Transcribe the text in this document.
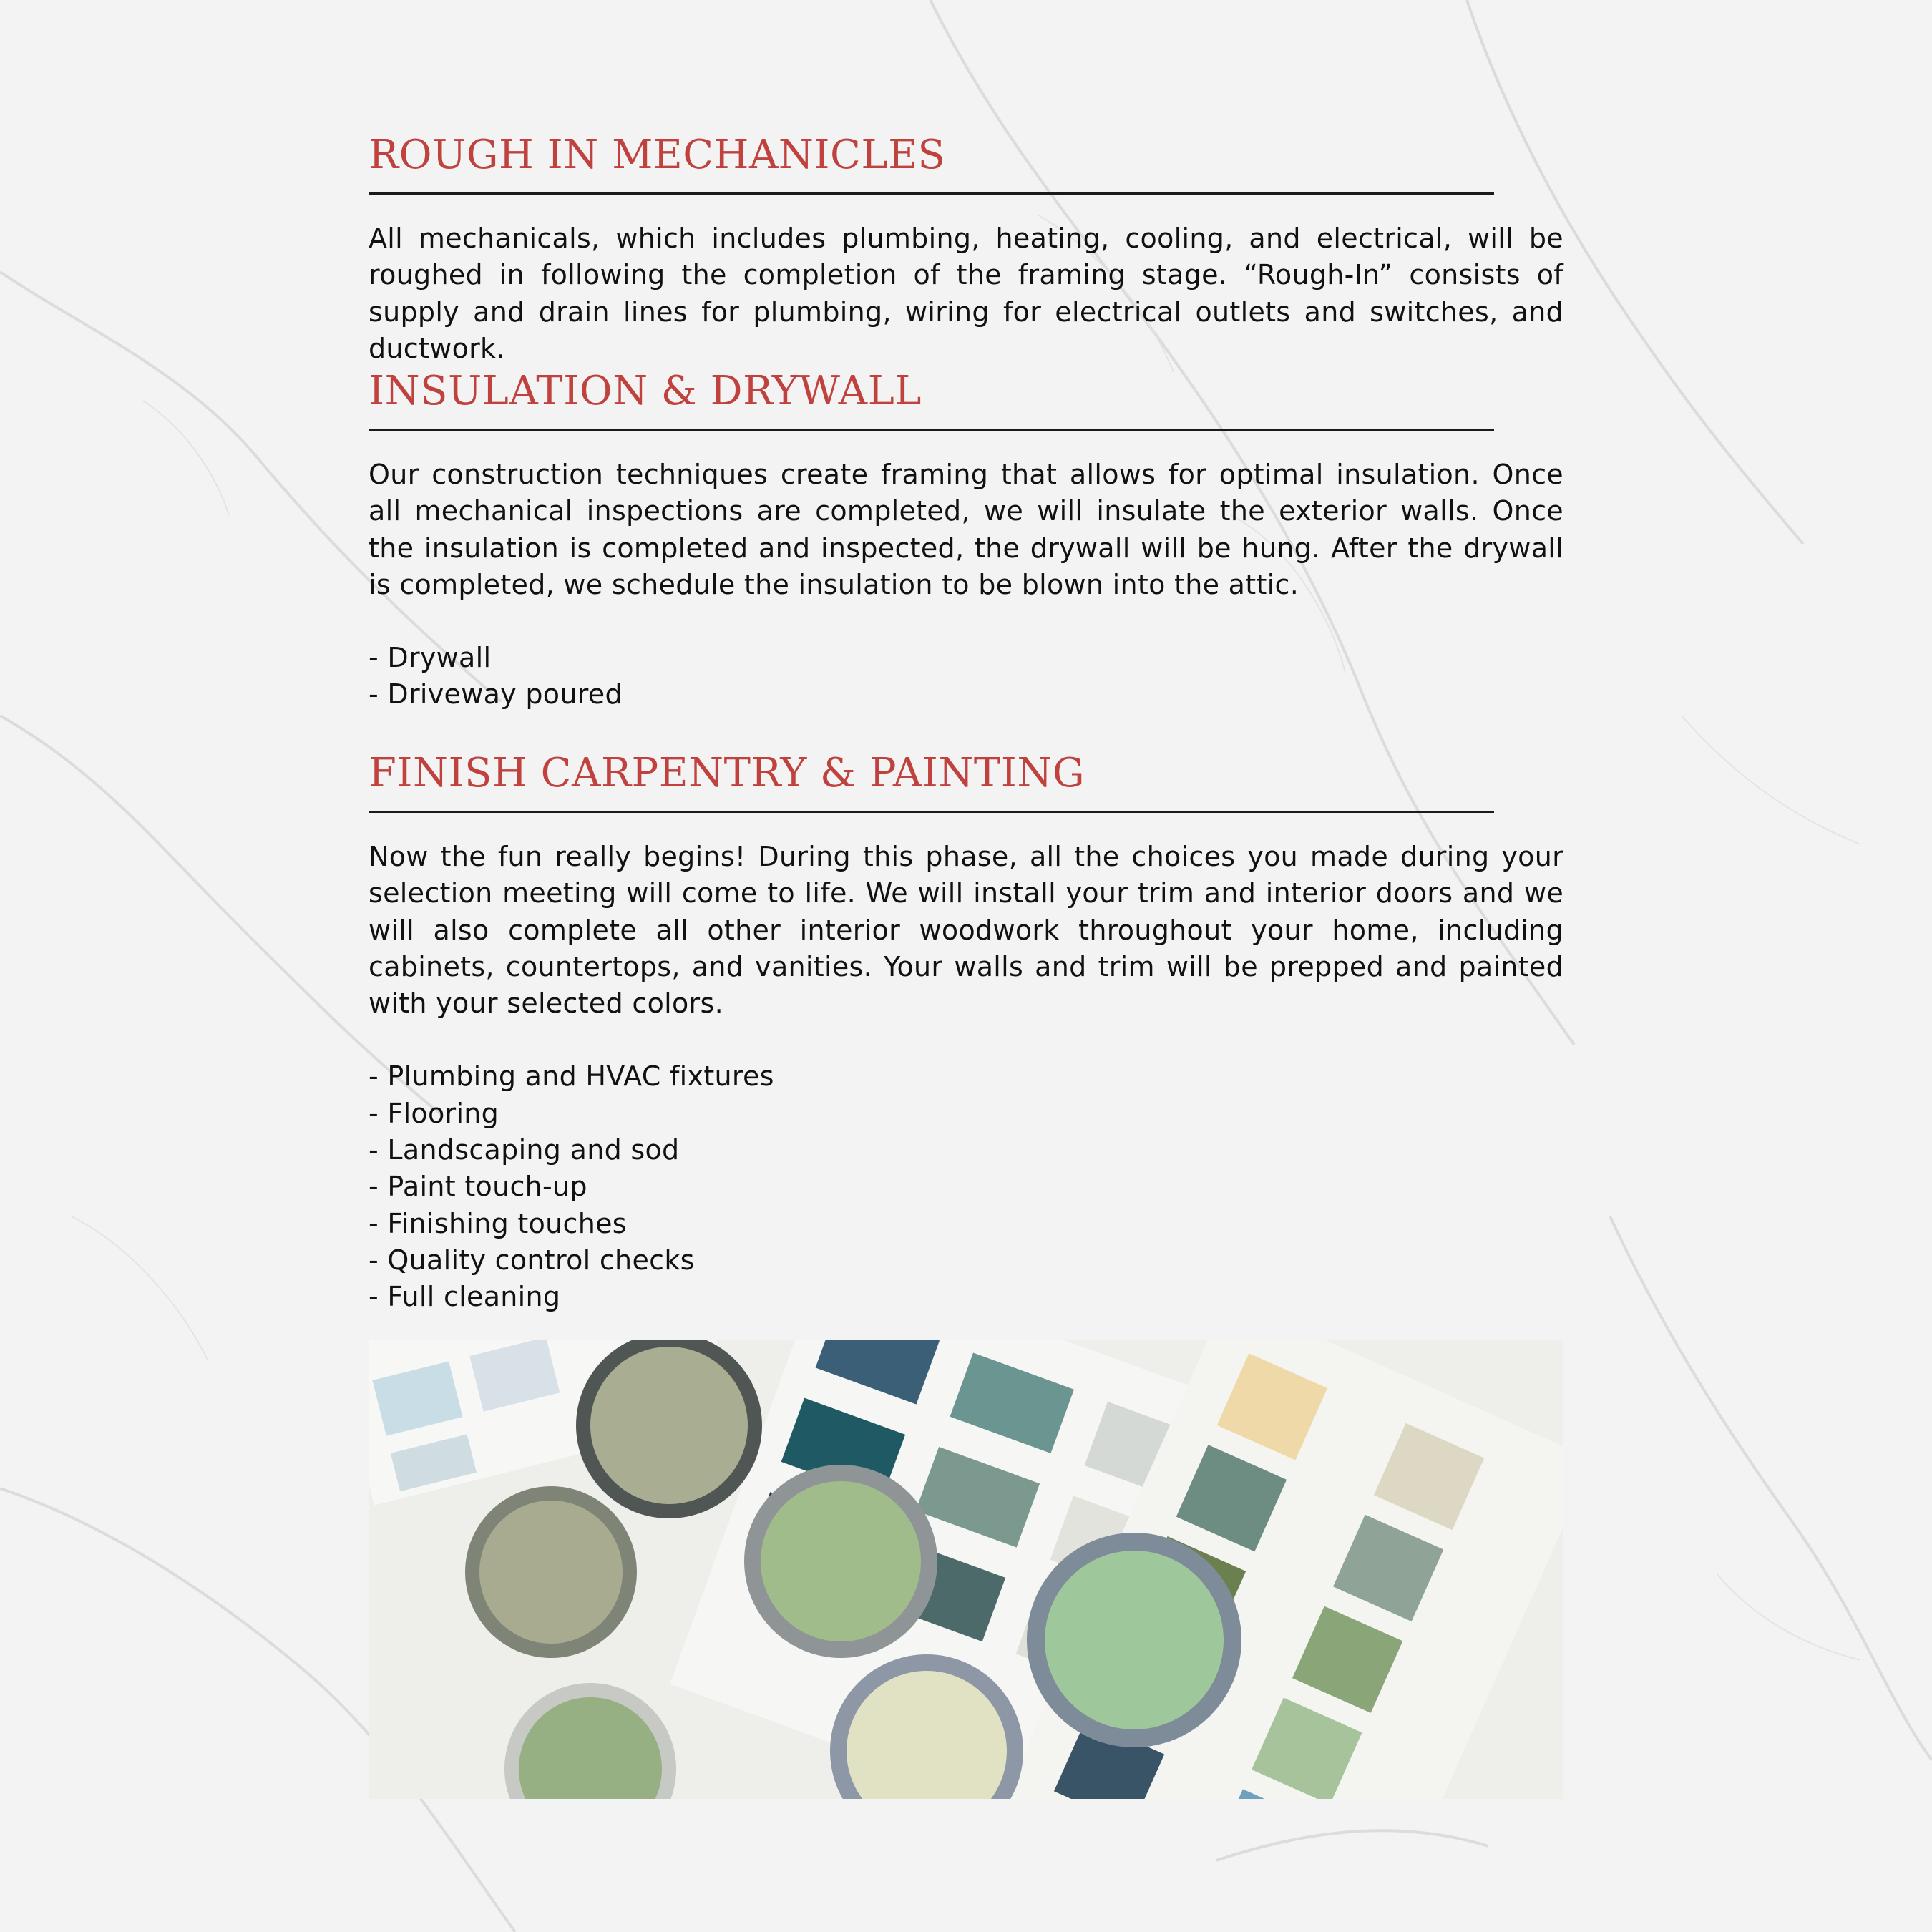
ROUGH IN MECHANICLES

All mechanicals, which includes plumbing, heating, cooling, and electrical, will be roughed in following the completion of the framing stage. “Rough-In” consists of supply and drain lines for plumbing, wiring for electrical outlets and switches, and ductwork.

INSULATION & DRYWALL

Our construction techniques create framing that allows for optimal insulation. Once all mechanical inspections are completed, we will insulate the exterior walls. Once the insulation is completed and inspected, the drywall will be hung. After the drywall is completed, we schedule the insulation to be blown into the attic.

- Drywall
- Driveway poured
FINISH CARPENTRY & PAINTING

Now the fun really begins! During this phase, all the choices you made during your selection meeting will come to life. We will install your trim and interior doors and we will also complete all other interior woodwork throughout your home, including cabinets, countertops, and vanities. Your walls and trim will be prepped and painted with your selected colors.

- Plumbing and HVAC fixtures
- Flooring
- Landscaping and sod
- Paint touch-up
- Finishing touches
- Quality control checks
- Full cleaning
